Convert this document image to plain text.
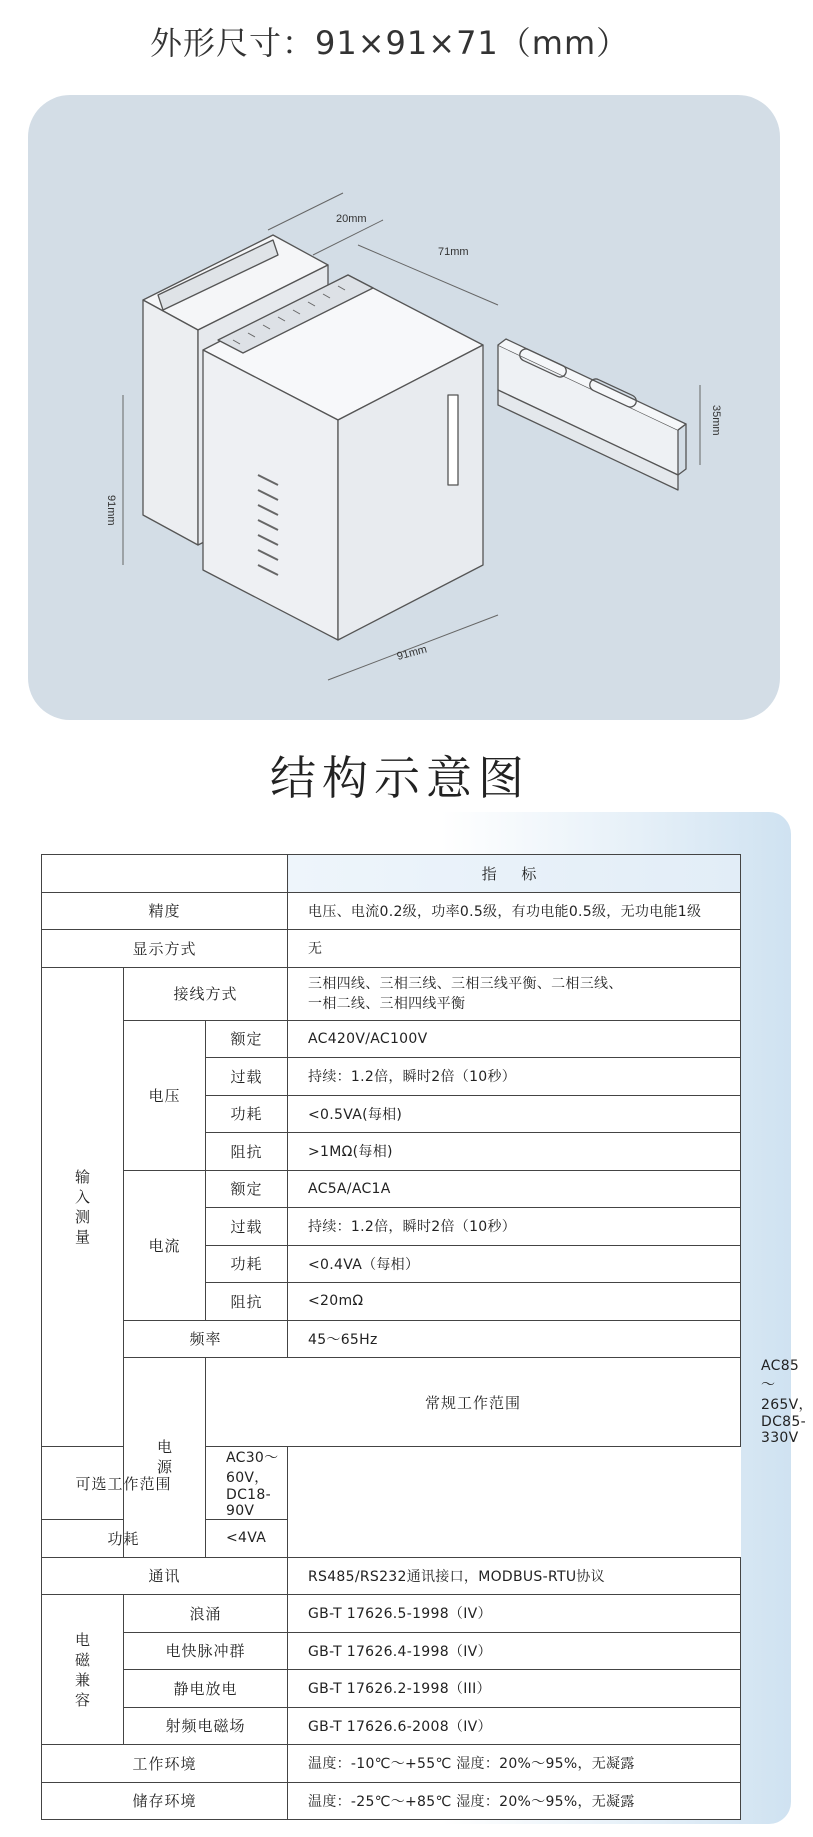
外形尺寸：91×91×71（mm）
20mm
71mm
91mm
91mm
35mm
结构示意图
			指 标	
精度			电压、电流0.2级，功率0.5级，有功电能0.5级，无功电能1级	
显示方式			无	

输入测量	接线方式		三相四线、三相三线、三相三线平衡、二相三线、
一相二线、三相四线平衡	

	电压	额定	AC420V/AC100V	
		过载	持续：1.2倍，瞬时2倍（10秒）	
		功耗	<0.5VA(每相)	
		阻抗	>1MΩ(每相)	
	电流	额定	AC5A/AC1A	
		过载	持续：1.2倍，瞬时2倍（10秒）	
		功耗	<0.4VA（每相）	
		阻抗	<20mΩ	
	频率		45～65Hz	

	电源	常规工作范围		AC85～265V，DC85-330V
可选工作范围		AC30～60V，DC18-90V		
功耗		<4VA		
通讯			RS485/RS232通讯接口，MODBUS-RTU协议	

电磁兼容	浪涌		GB-T 17626.5-1998（IV）	
	电快脉冲群		GB-T 17626.4-1998（IV）	
	静电放电		GB-T 17626.2-1998（III）	
	射频电磁场		GB-T 17626.6-2008（IV）	
工作环境			温度：-10℃～+55℃ 湿度：20%～95%，无凝露	
储存环境			温度：-25℃～+85℃ 湿度：20%～95%，无凝露	
